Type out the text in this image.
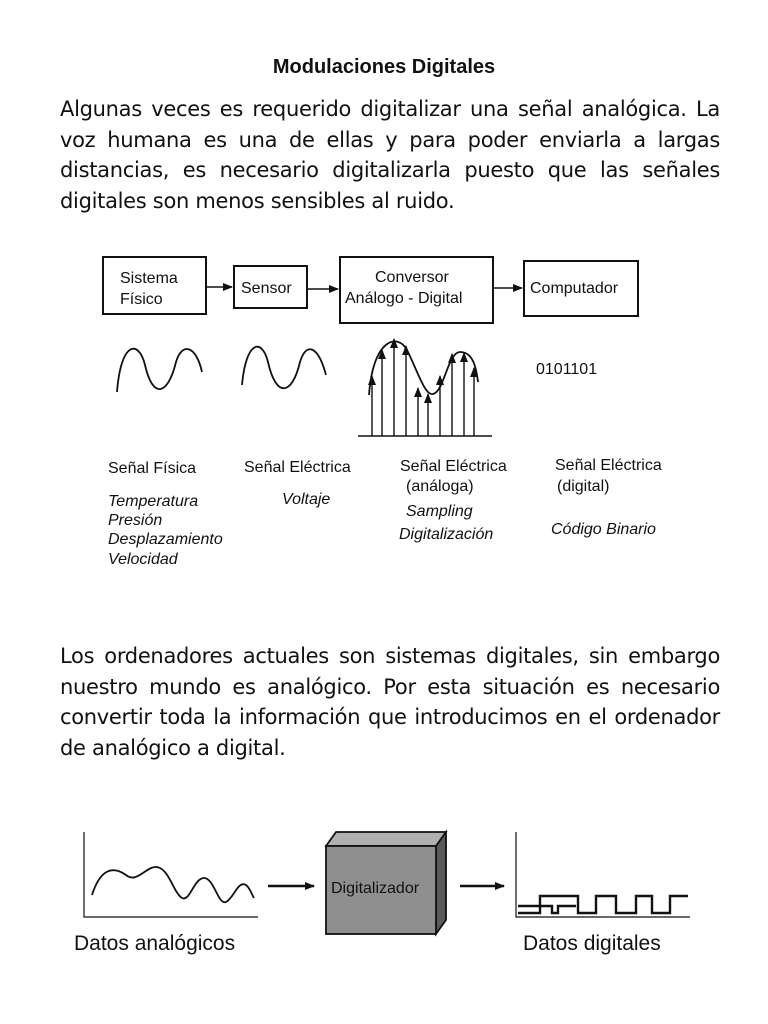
Modulaciones Digitales
Algunas veces es requerido digitalizar una señal analógica. La voz humana es una de ellas y para poder enviarla a largas distancias, es necesario digitalizarla puesto que las señales digitales son menos sensibles al ruido.
Sistema
Físico
Sensor
Conversor
Análogo - Digital
Computador
0101101
Señal Física
Temperatura
Presión
Desplazamiento
Velocidad
Señal Eléctrica
Voltaje
Señal Eléctrica
(análoga)
Sampling
Digitalización
Señal Eléctrica
(digital)
Código Binario
Digitalizador
Datos analógicos	Datos digitales
Los ordenadores actuales son sistemas digitales, sin embargo nuestro mundo es analógico. Por esta situación es necesario convertir toda la información que introducimos en el ordenador de analógico a digital.
